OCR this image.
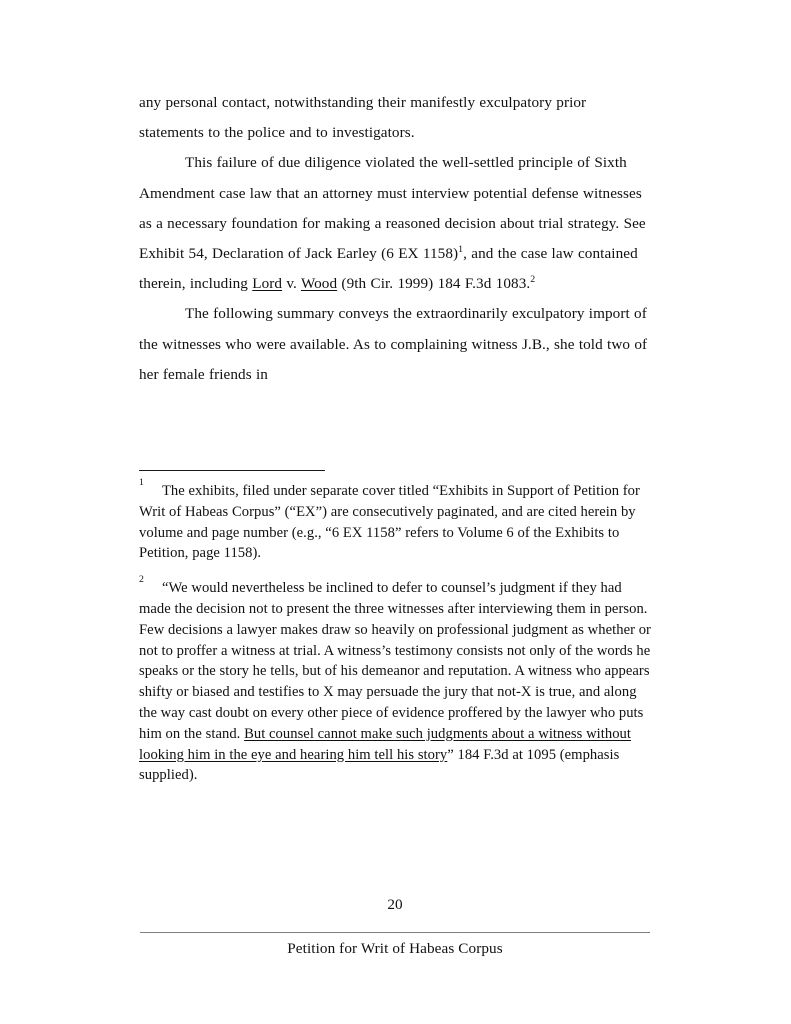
any personal contact, notwithstanding their manifestly exculpatory prior statements to the police and to investigators.

This failure of due diligence violated the well-settled principle of Sixth Amendment case law that an attorney must interview potential defense witnesses as a necessary foundation for making a reasoned decision about trial strategy. See Exhibit 54, Declaration of Jack Earley (6 EX 1158)$^1$, and the case law contained therein, including Lord v. Wood (9th Cir. 1999) 184 F.3d 1083.$^2$

The following summary conveys the extraordinarily exculpatory import of the witnesses who were available. As to complaining witness J.B., she told two of her female friends in

$^1$The exhibits, filed under separate cover titled “Exhibits in Support of Petition for Writ of Habeas Corpus” (“EX”) are consecutively paginated, and are cited herein by volume and page number (e.g., “6 EX 1158” refers to Volume 6 of the Exhibits to Petition, page 1158).

$^2$“We would nevertheless be inclined to defer to counsel’s judgment if they had made the decision not to present the three witnesses after interviewing them in person. Few decisions a lawyer makes draw so heavily on professional judgment as whether or not to proffer a witness at trial. A witness’s testimony consists not only of the words he speaks or the story he tells, but of his demeanor and reputation. A witness who appears shifty or biased and testifies to X may persuade the jury that not-X is true, and along the way cast doubt on every other piece of evidence proffered by the lawyer who puts him on the stand. But counsel cannot make such judgments about a witness without looking him in the eye and hearing him tell his story” 184 F.3d at 1095 (emphasis supplied).

20
Petition for Writ of Habeas Corpus
